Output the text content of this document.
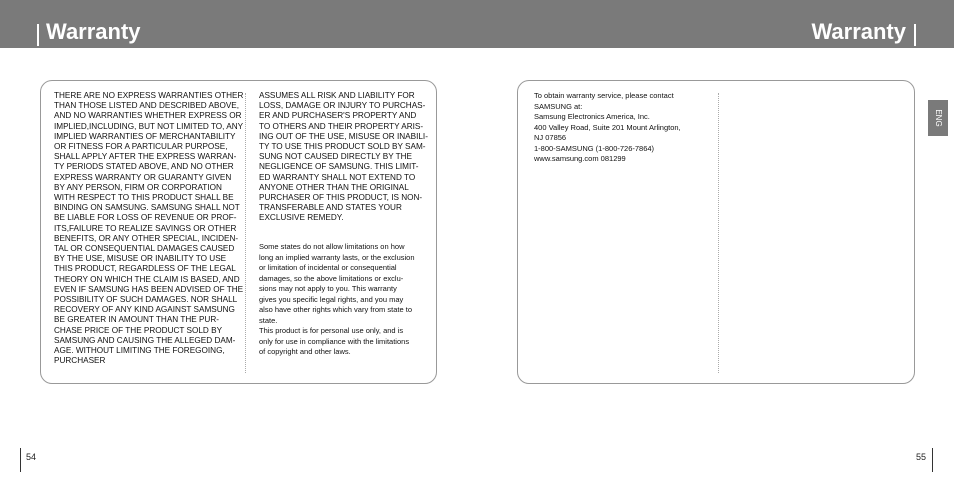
Warranty	Warranty
THERE ARE NO EXPRESS WARRANTIES OTHER
THAN THOSE LISTED AND DESCRIBED ABOVE,
AND NO WARRANTIES WHETHER EXPRESS OR
IMPLIED,INCLUDING, BUT NOT LIMITED TO, ANY
IMPLIED WARRANTIES OF MERCHANTABILITY
OR FITNESS FOR A PARTICULAR PURPOSE,
SHALL APPLY AFTER THE EXPRESS WARRAN-
TY PERIODS STATED ABOVE, AND NO OTHER
EXPRESS WARRANTY OR GUARANTY GIVEN
BY ANY PERSON, FIRM OR CORPORATION
WITH RESPECT TO THIS PRODUCT SHALL BE
BINDING ON SAMSUNG. SAMSUNG SHALL NOT
BE LIABLE FOR LOSS OF REVENUE OR PROF-
ITS,FAILURE TO REALIZE SAVINGS OR OTHER
BENEFITS, OR ANY OTHER SPECIAL, INCIDEN-
TAL OR CONSEQUENTIAL DAMAGES CAUSED
BY THE USE, MISUSE OR INABILITY TO USE
THIS PRODUCT, REGARDLESS OF THE LEGAL
THEORY ON WHICH THE CLAIM IS BASED, AND
EVEN IF SAMSUNG HAS BEEN ADVISED OF THE
POSSIBILITY OF SUCH DAMAGES. NOR SHALL
RECOVERY OF ANY KIND AGAINST SAMSUNG
BE GREATER IN AMOUNT THAN THE PUR-
CHASE PRICE OF THE PRODUCT SOLD BY
SAMSUNG AND CAUSING THE ALLEGED DAM-
AGE. WITHOUT LIMITING THE FOREGOING,
PURCHASER
ASSUMES ALL RISK AND LIABILITY FOR
LOSS, DAMAGE OR INJURY TO PURCHAS-
ER AND PURCHASER'S PROPERTY AND
TO OTHERS AND THEIR PROPERTY ARIS-
ING OUT OF THE USE, MISUSE OR INABILI-
TY TO USE THIS PRODUCT SOLD BY SAM-
SUNG NOT CAUSED DIRECTLY BY THE
NEGLIGENCE OF SAMSUNG. THIS LIMIT-
ED WARRANTY SHALL NOT EXTEND TO
ANYONE OTHER THAN THE ORIGINAL
PURCHASER OF THIS PRODUCT, IS NON-
TRANSFERABLE AND STATES YOUR
EXCLUSIVE REMEDY.
Some states do not allow limitations on how
long an implied warranty lasts, or the exclusion
or limitation of incidental or consequential
damages, so the above limitations or exclu-
sions may not apply to you. This warranty
gives you specific legal rights, and you may
also have other rights which vary from state to
state.
This product is for personal use only, and is
only for use in compliance with the limitations
of copyright and other laws.
To obtain warranty service, please contact
SAMSUNG at:
Samsung Electronics America, Inc.
400 Valley Road, Suite 201 Mount Arlington,
NJ 07856
1-800-SAMSUNG (1-800-726-7864)
www.samsung.com 081299
ENG
54	55
